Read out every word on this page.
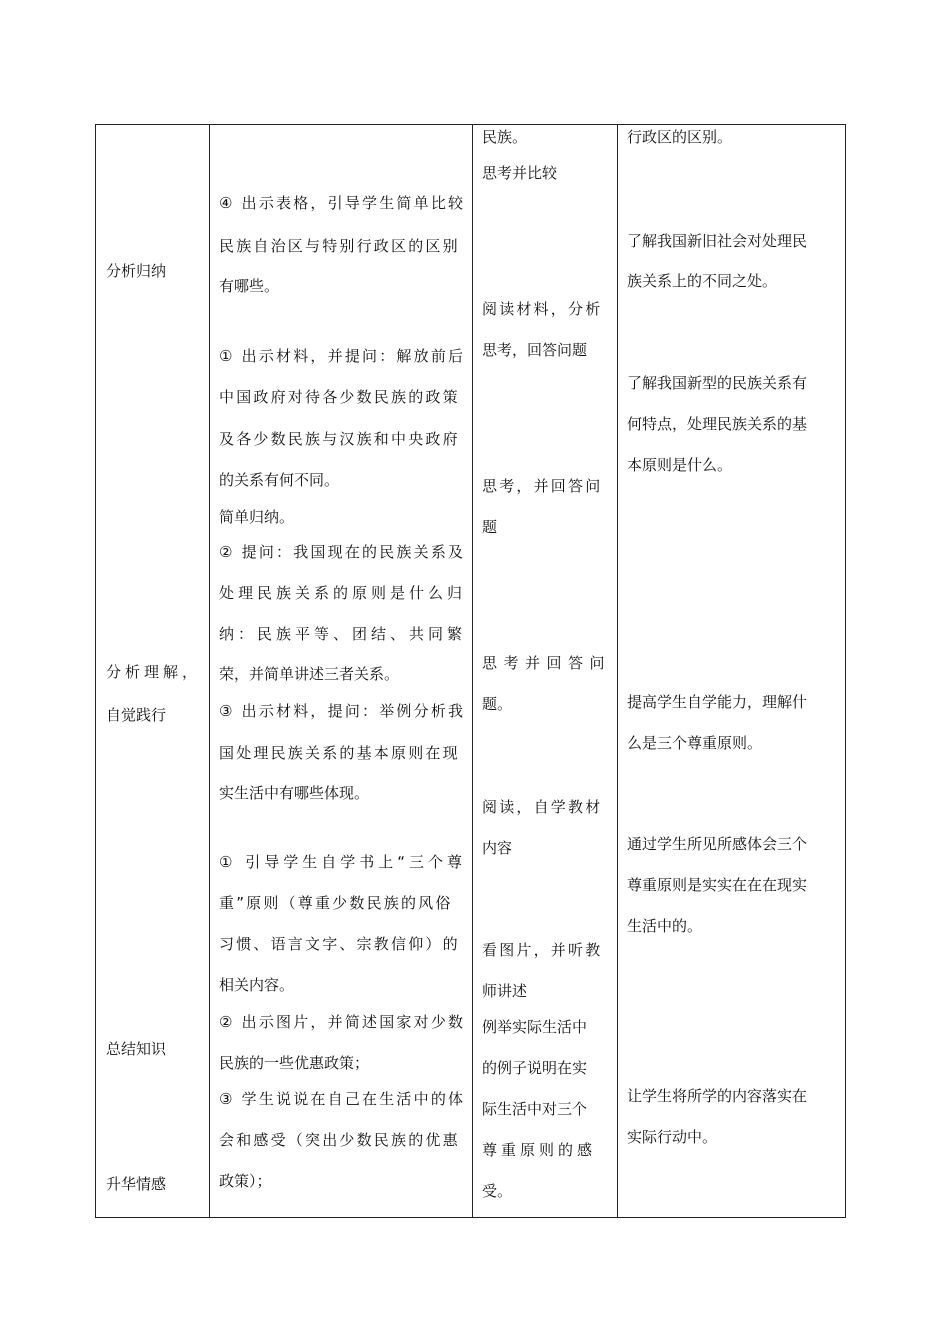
分析归纳
分析理解，
自觉践行
总结知识
升华情感
④ 出示表格，引导学生简单比较
民族自治区与特别行政区的区别
有哪些。
① 出示材料，并提问：解放前后
中国政府对待各少数民族的政策
及各少数民族与汉族和中央政府
的关系有何不同。
简单归纳。
② 提问：我国现在的民族关系及
处理民族关系的原则是什么归
纳：民族平等、团结、共同繁
荣，并简单讲述三者关系。
③ 出示材料，提问：举例分析我
国处理民族关系的基本原则在现
实生活中有哪些体现。
① 引导学生自学书上“三个尊
重”原则（尊重少数民族的风俗
习惯、语言文字、宗教信仰）的
相关内容。
② 出示图片，并简述国家对少数
民族的一些优惠政策；
③ 学生说说在自己在生活中的体
会和感受（突出少数民族的优惠
政策）；
民族。
思考并比较
阅读材料，分析
思考，回答问题
思考，并回答问
题
思考并回答问
题。
阅读，自学教材
内容
看图片，并听教
师讲述
例举实际生活中
的例子说明在实
际生活中对三个
尊重原则的感
受。
行政区的区别。
了解我国新旧社会对处理民
族关系上的不同之处。
了解我国新型的民族关系有
何特点，处理民族关系的基
本原则是什么。
提高学生自学能力，理解什
么是三个尊重原则。
通过学生所见所感体会三个
尊重原则是实实在在在现实
生活中的。
让学生将所学的内容落实在
实际行动中。
